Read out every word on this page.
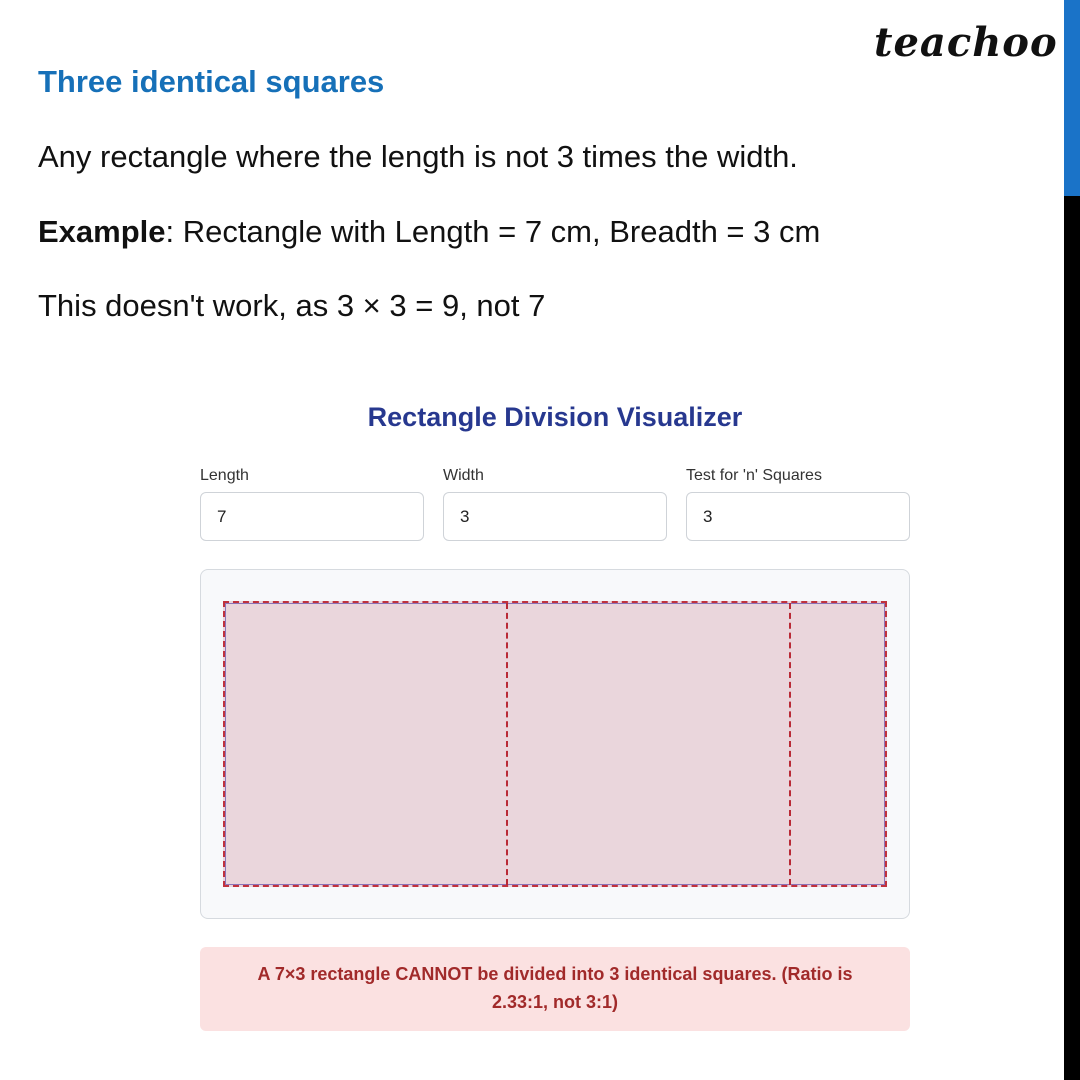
teachoo
Three identical squares

Any rectangle where the length is not 3 times the width.

Example: Rectangle with Length = 7 cm, Breadth = 3 cm

This doesn't work, as 3 × 3 = 9, not 7

Rectangle Division Visualizer
Length
7	Width
3	Test for 'n' Squares
3
A 7×3 rectangle CANNOT be divided into 3 identical squares. (Ratio is 2.33:1, not 3:1)
